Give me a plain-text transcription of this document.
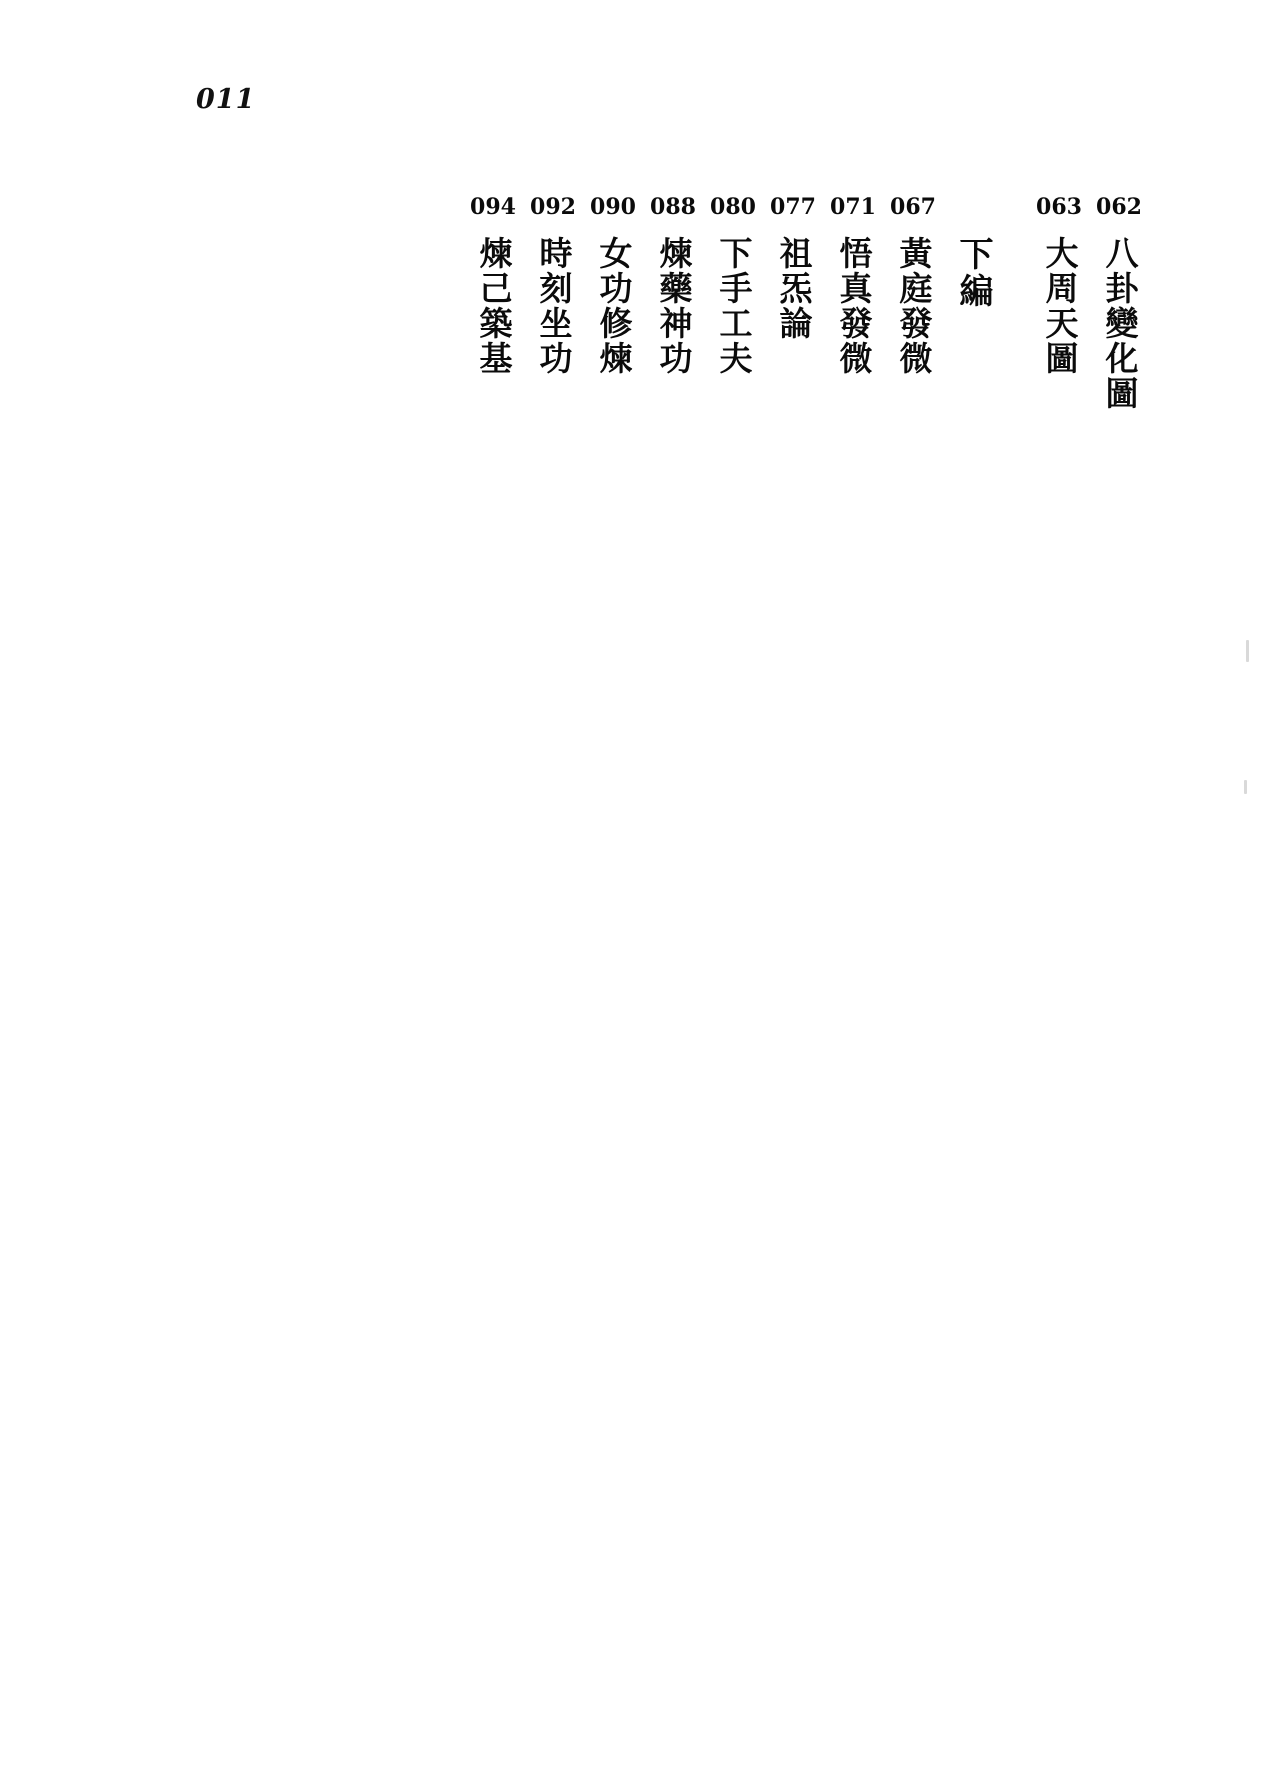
011
062
八卦變化圖
063
大周天圖
下編
067
黃庭發微
071
悟真發微
077
祖炁論
080
下手工夫
088
煉藥神功
090
女功修煉
092
時刻坐功
094
煉己築基
